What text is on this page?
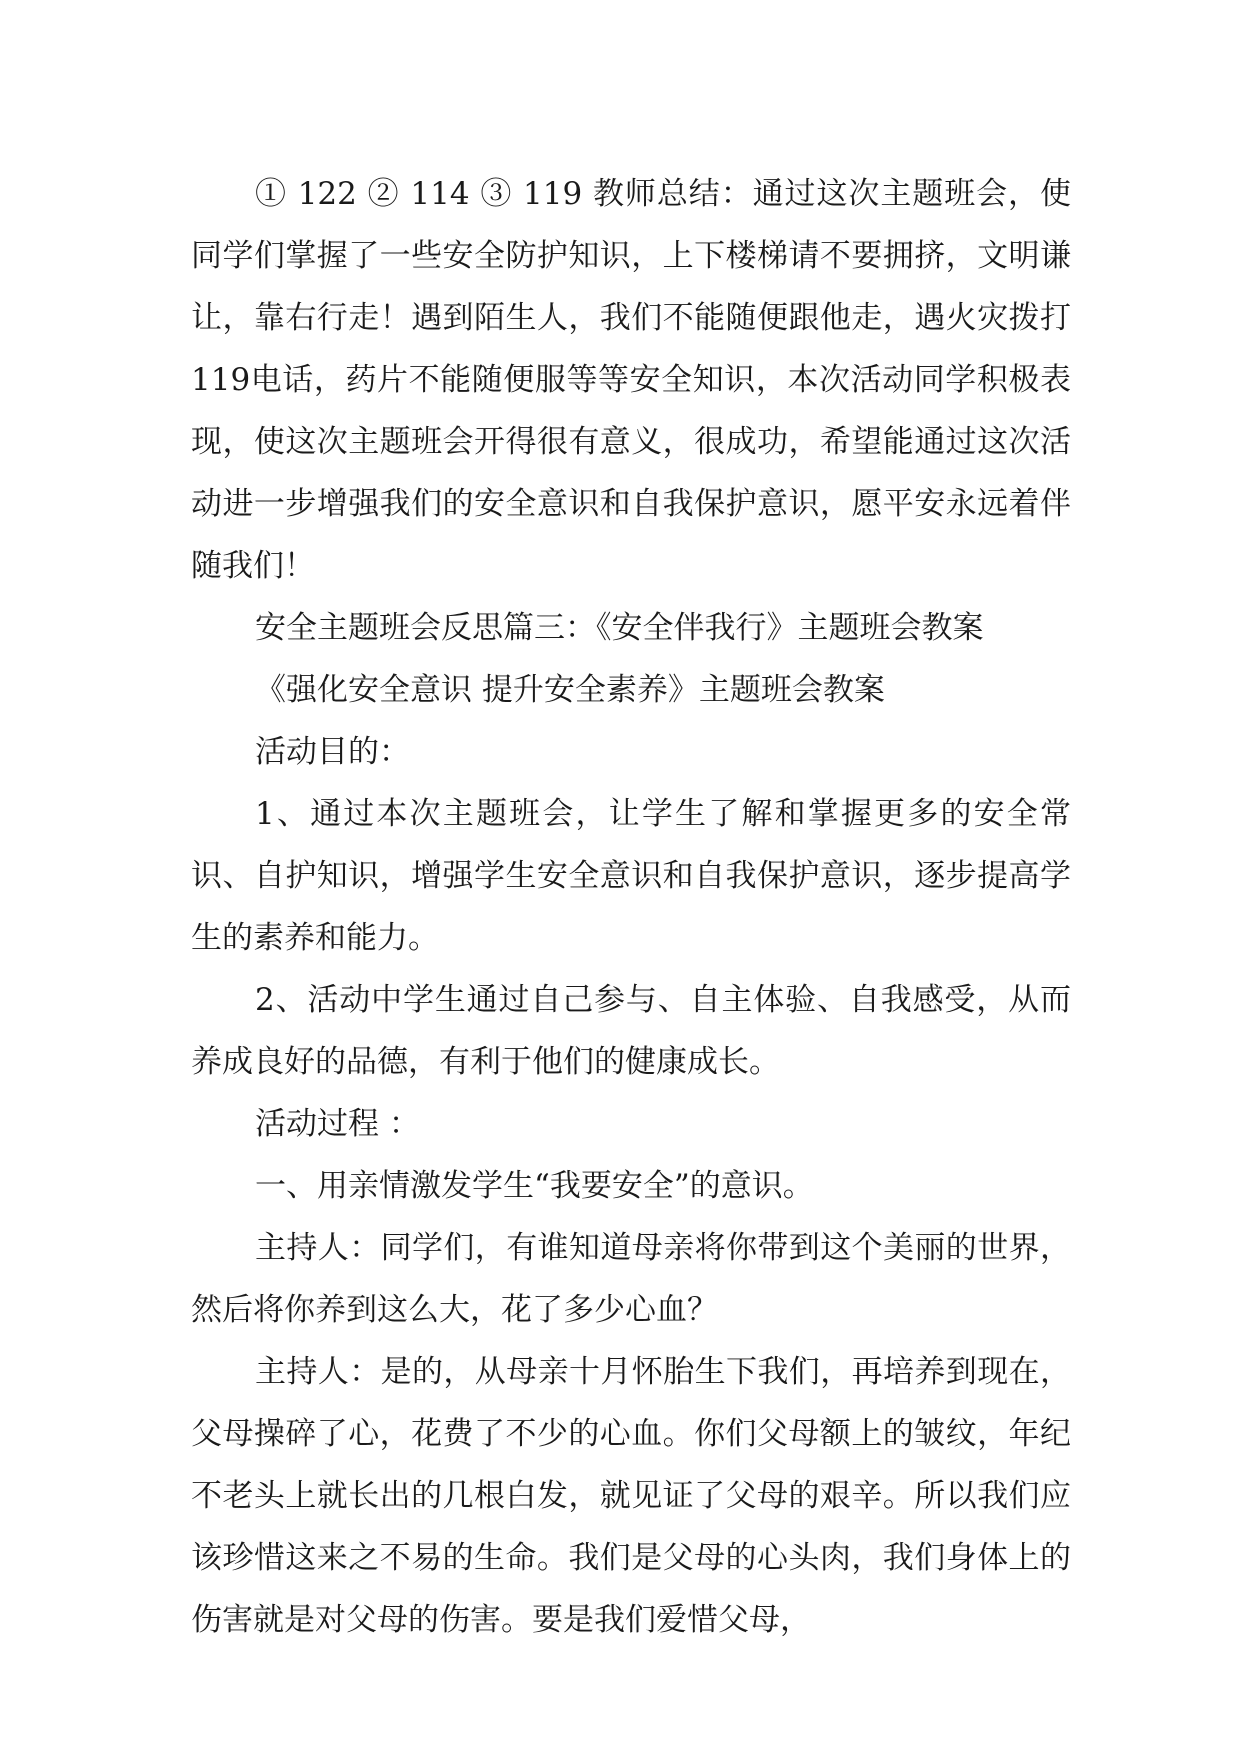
① 122 ② 114 ③ 119 教师总结：通过这次主题班会，使同学们掌握了一些安全防护知识，上下楼梯请不要拥挤，文明谦让，靠右行走！遇到陌生人，我们不能随便跟他走，遇火灾拨打119电话，药片不能随便服等等安全知识，本次活动同学积极表现，使这次主题班会开得很有意义，很成功，希望能通过这次活动进一步增强我们的安全意识和自我保护意识，愿平安永远着伴随我们！

安全主题班会反思篇三：《安全伴我行》主题班会教案

《强化安全意识 提升安全素养》主题班会教案

活动目的：

1、通过本次主题班会，让学生了解和掌握更多的安全常识、自护知识，增强学生安全意识和自我保护意识，逐步提高学生的素养和能力。

2、活动中学生通过自己参与、自主体验、自我感受，从而养成良好的品德，有利于他们的健康成长。

活动过程 ：

一、用亲情激发学生“我要安全”的意识。

主持人：同学们，有谁知道母亲将你带到这个美丽的世界，然后将你养到这么大，花了多少心血？

主持人：是的，从母亲十月怀胎生下我们，再培养到现在，父母操碎了心，花费了不少的心血。你们父母额上的皱纹，年纪不老头上就长出的几根白发，就见证了父母的艰辛。所以我们应该珍惜这来之不易的生命。我们是父母的心头肉，我们身体上的伤害就是对父母的伤害。要是我们爱惜父母，
